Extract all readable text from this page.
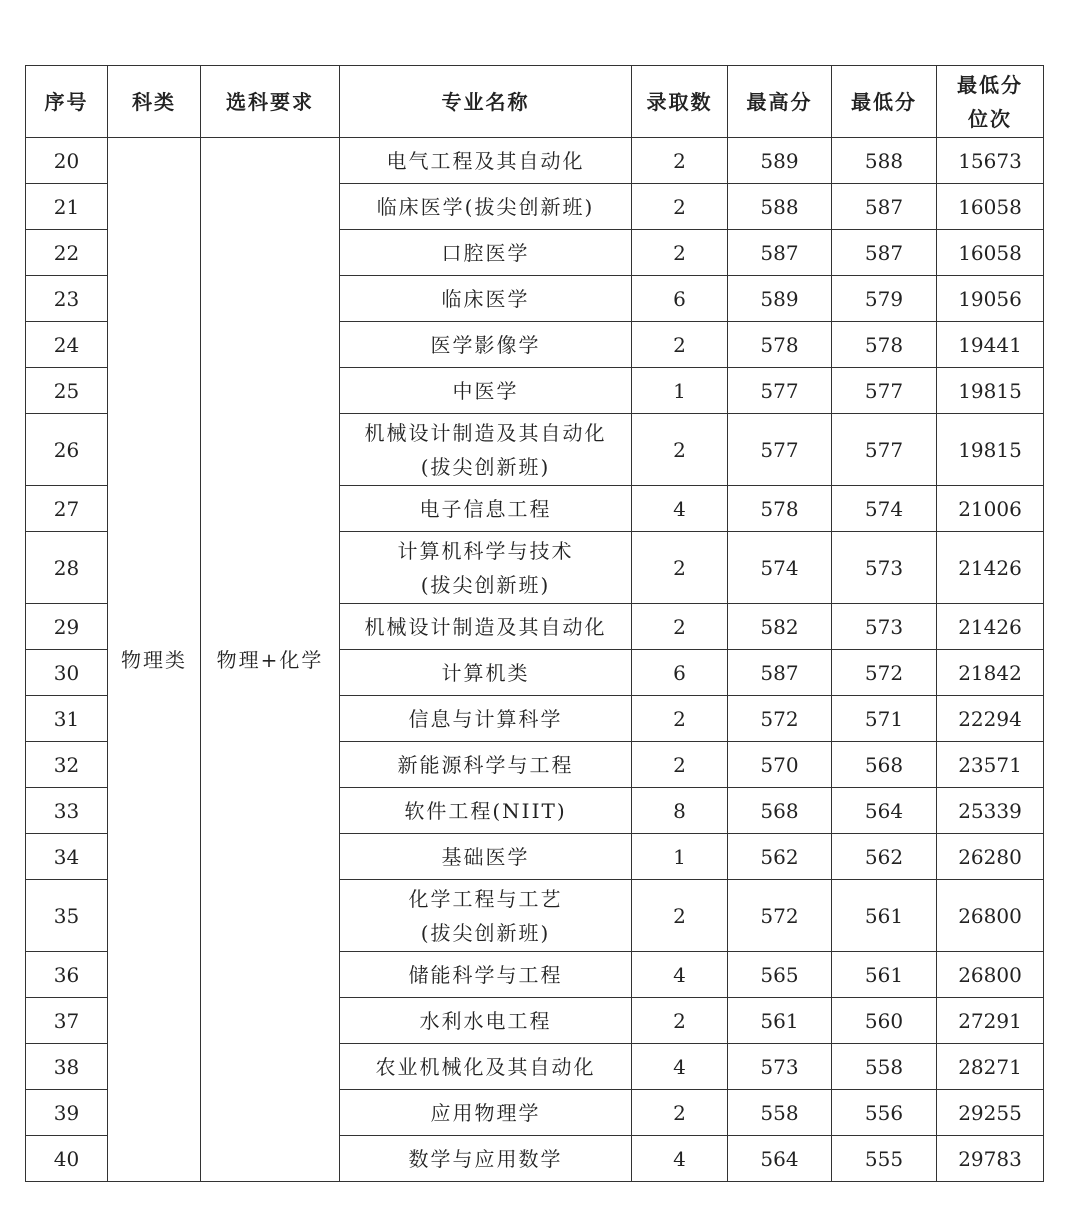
序号	科类	选科要求	专业名称	录取数	最高分	最低分	最低分
位次

20	物理类	物理+化学	电气工程及其自动化	2	589	588	15673
21			临床医学(拔尖创新班)	2	588	587	16058
22			口腔医学	2	587	587	16058
23			临床医学	6	589	579	19056
24			医学影像学	2	578	578	19441
25			中医学	1	577	577	19815
26			机械设计制造及其自动化
(拔尖创新班)	2	577	577	19815
27			电子信息工程	4	578	574	21006
28			计算机科学与技术
(拔尖创新班)	2	574	573	21426
29			机械设计制造及其自动化	2	582	573	21426
30			计算机类	6	587	572	21842
31			信息与计算科学	2	572	571	22294
32			新能源科学与工程	2	570	568	23571
33			软件工程(NIIT)	8	568	564	25339
34			基础医学	1	562	562	26280
35			化学工程与工艺
(拔尖创新班)	2	572	561	26800
36			储能科学与工程	4	565	561	26800
37			水利水电工程	2	561	560	27291
38			农业机械化及其自动化	4	573	558	28271
39			应用物理学	2	558	556	29255
40			数学与应用数学	4	564	555	29783
